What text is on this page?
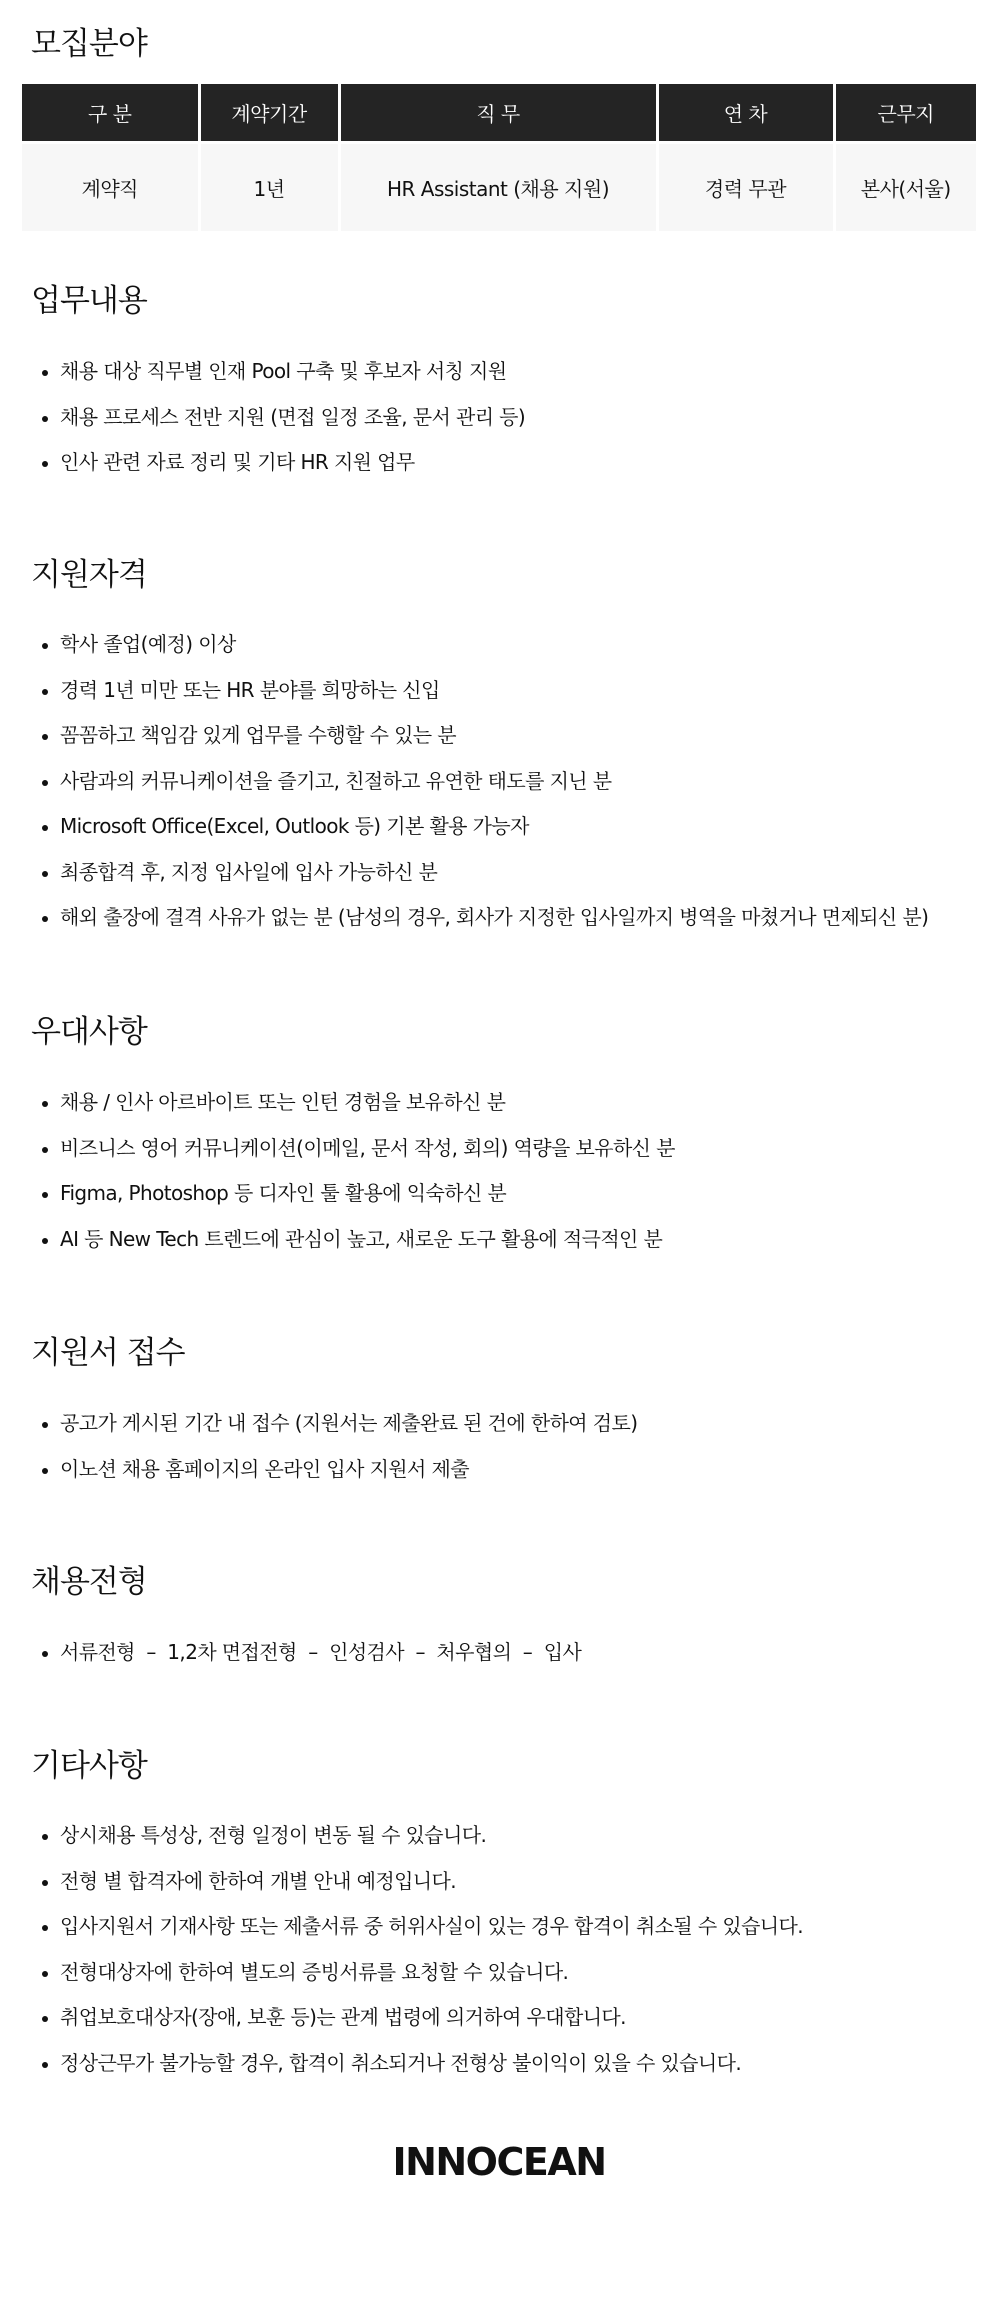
모집분야
구 분	계약기간	직 무	연 차	근무지
계약직	1년	HR Assistant (채용 지원)	경력 무관	본사(서울)
업무내용
채용 대상 직무별 인재 Pool 구축 및 후보자 서칭 지원
채용 프로세스 전반 지원 (면접 일정 조율, 문서 관리 등)
인사 관련 자료 정리 및 기타 HR 지원 업무
지원자격
학사 졸업(예정) 이상
경력 1년 미만 또는 HR 분야를 희망하는 신입
꼼꼼하고 책임감 있게 업무를 수행할 수 있는 분
사람과의 커뮤니케이션을 즐기고, 친절하고 유연한 태도를 지닌 분
Microsoft Office(Excel, Outlook 등) 기본 활용 가능자
최종합격 후, 지정 입사일에 입사 가능하신 분
해외 출장에 결격 사유가 없는 분 (남성의 경우, 회사가 지정한 입사일까지 병역을 마쳤거나 면제되신 분)
우대사항
채용 / 인사 아르바이트 또는 인턴 경험을 보유하신 분
비즈니스 영어 커뮤니케이션(이메일, 문서 작성, 회의) 역량을 보유하신 분
Figma, Photoshop 등 디자인 툴 활용에 익숙하신 분
AI 등 New Tech 트렌드에 관심이 높고, 새로운 도구 활용에 적극적인 분
지원서 접수
공고가 게시된 기간 내 접수 (지원서는 제출완료 된 건에 한하여 검토)
이노션 채용 홈페이지의 온라인 입사 지원서 제출
채용전형
서류전형  –  1,2차 면접전형  –  인성검사  –  처우협의  –  입사
기타사항
상시채용 특성상, 전형 일정이 변동 될 수 있습니다.
전형 별 합격자에 한하여 개별 안내 예정입니다.
입사지원서 기재사항 또는 제출서류 중 허위사실이 있는 경우 합격이 취소될 수 있습니다.
전형대상자에 한하여 별도의 증빙서류를 요청할 수 있습니다.
취업보호대상자(장애, 보훈 등)는 관계 법령에 의거하여 우대합니다.
정상근무가 불가능할 경우, 합격이 취소되거나 전형상 불이익이 있을 수 있습니다.
INNOCEAN
